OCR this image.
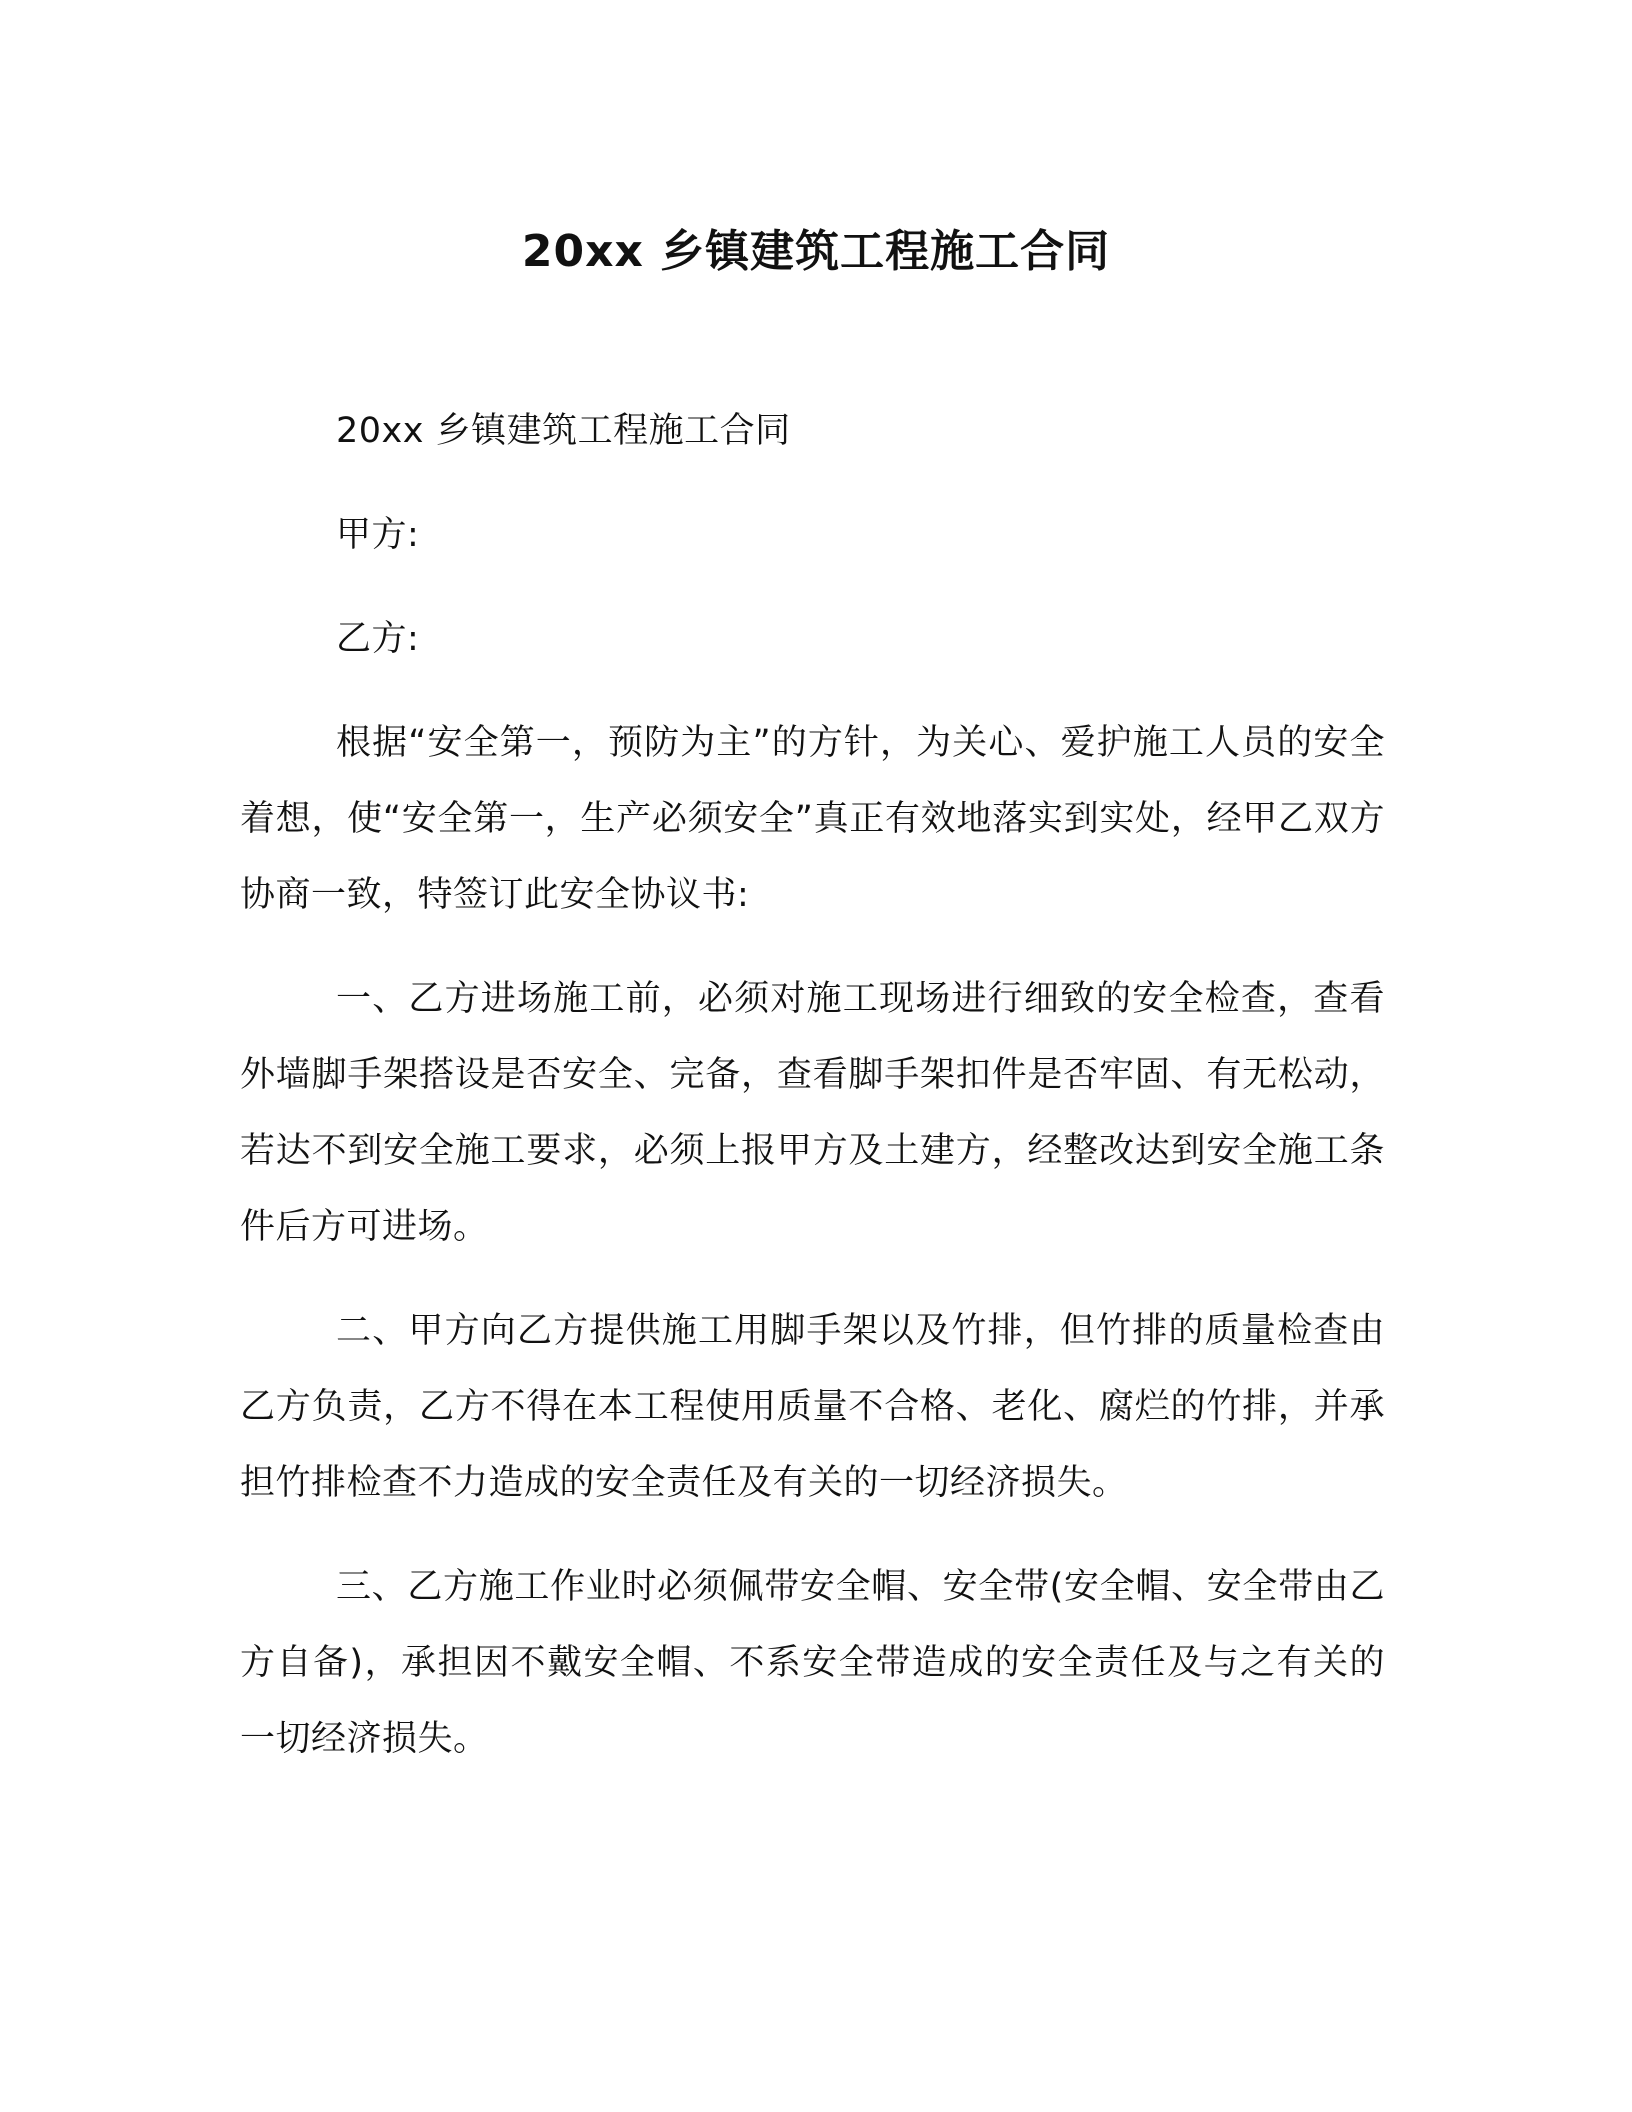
20xx 乡镇建筑工程施工合同

20xx 乡镇建筑工程施工合同

甲方:

乙方:

根据“安全第一，预防为主”的方针，为关心、爱护施工人员的安全着想，使“安全第一，生产必须安全”真正有效地落实到实处，经甲乙双方协商一致，特签订此安全协议书:

一、乙方进场施工前，必须对施工现场进行细致的安全检查，查看外墙脚手架搭设是否安全、完备，查看脚手架扣件是否牢固、有无松动，若达不到安全施工要求，必须上报甲方及土建方，经整改达到安全施工条件后方可进场。

二、甲方向乙方提供施工用脚手架以及竹排，但竹排的质量检查由乙方负责，乙方不得在本工程使用质量不合格、老化、腐烂的竹排，并承担竹排检查不力造成的安全责任及有关的一切经济损失。

三、乙方施工作业时必须佩带安全帽、安全带(安全帽、安全带由乙方自备)，承担因不戴安全帽、不系安全带造成的安全责任及与之有关的一切经济损失。
